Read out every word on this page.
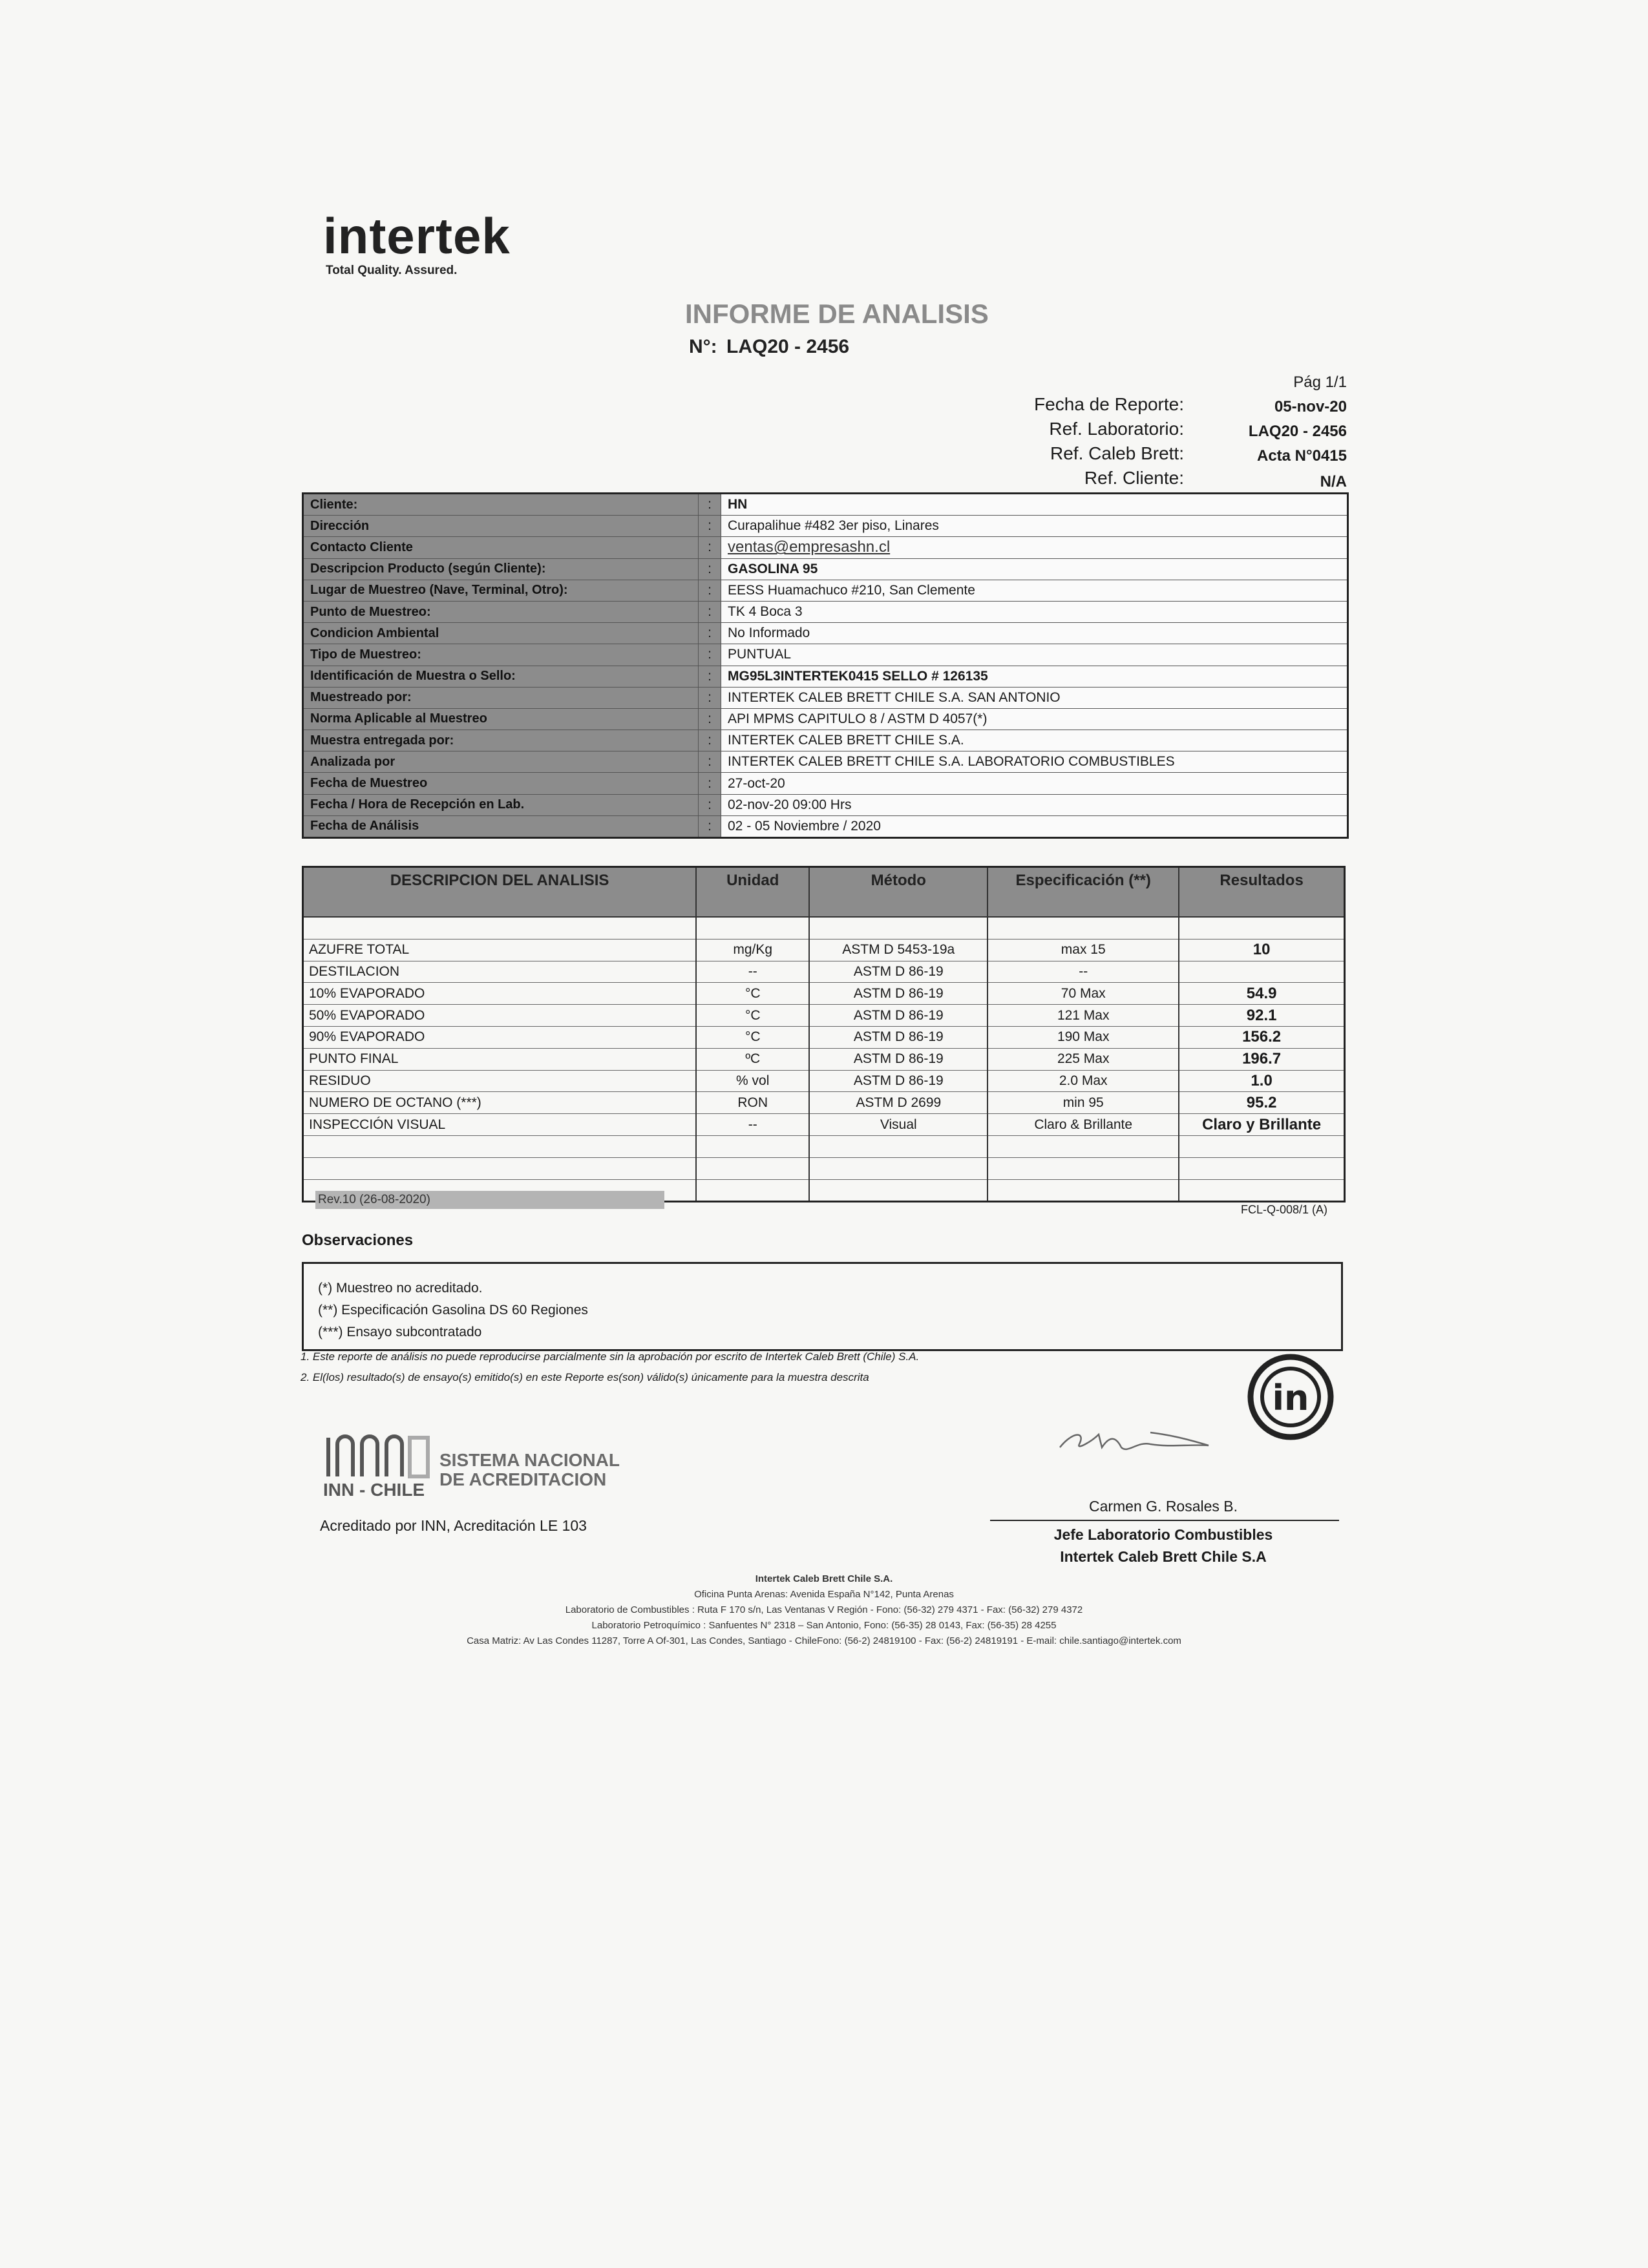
intertek
Total Quality. Assured.
INFORME DE ANALISIS
N°: LAQ20 - 2456
Pág 1/1
Fecha de Reporte:	05-nov-20
Ref. Laboratorio:	LAQ20 - 2456
Ref. Caleb Brett:	Acta N°0415
Ref. Cliente:	N/A
Cliente:	:	HN
Dirección	:	Curapalihue #482 3er piso, Linares
Contacto Cliente	:	ventas@empresashn.cl
Descripcion Producto (según Cliente):	:	GASOLINA 95
Lugar de Muestreo (Nave, Terminal, Otro):	:	EESS Huamachuco #210, San Clemente
Punto de Muestreo:	:	TK 4 Boca 3
Condicion Ambiental	:	No Informado
Tipo de Muestreo:	:	PUNTUAL
Identificación de Muestra o Sello:	:	MG95L3INTERTEK0415 SELLO # 126135
Muestreado por:	:	INTERTEK CALEB BRETT CHILE S.A. SAN ANTONIO
Norma Aplicable al Muestreo	:	API MPMS CAPITULO 8 / ASTM D 4057(*)
Muestra entregada por:	:	INTERTEK CALEB BRETT CHILE S.A.
Analizada por	:	INTERTEK CALEB BRETT CHILE S.A. LABORATORIO COMBUSTIBLES
Fecha de Muestreo	:	27-oct-20
Fecha / Hora de Recepción en Lab.	:	02-nov-20 09:00 Hrs
Fecha de Análisis	:	02 - 05 Noviembre / 2020
DESCRIPCION DEL ANALISIS	Unidad	Método	Especificación (**)	Resultados

AZUFRE TOTAL	mg/Kg	ASTM D 5453-19a	max 15	10
DESTILACION	--	ASTM D 86-19	--	
10% EVAPORADO	°C	ASTM D 86-19	70 Max	54.9
50% EVAPORADO	°C	ASTM D 86-19	121 Max	92.1
90% EVAPORADO	°C	ASTM D 86-19	190 Max	156.2
PUNTO FINAL	ºC	ASTM D 86-19	225 Max	196.7
RESIDUO	% vol	ASTM D 86-19	2.0 Max	1.0
NUMERO DE OCTANO (***)	RON	ASTM D 2699	min 95	95.2
INSPECCIÓN VISUAL	--	Visual	Claro & Brillante	Claro y Brillante

Rev.10 (26-08-2020)
FCL-Q-008/1 (A)
Observaciones
(*) Muestreo no acreditado.
(**) Especificación Gasolina DS 60 Regiones
(***) Ensayo subcontratado
1. Este reporte de análisis no puede reproducirse parcialmente sin la aprobación por escrito de Intertek Caleb Brett (Chile) S.A.
2. El(los) resultado(s) de ensayo(s) emitido(s) en este Reporte es(son) válido(s) únicamente para la muestra descrita
in
SISTEMA NACIONAL
DE ACREDITACION
INN - CHILE
Acreditado por INN, Acreditación LE 103
Carmen G. Rosales B.
Jefe Laboratorio Combustibles
Intertek Caleb Brett Chile S.A
Intertek Caleb Brett Chile S.A.
Oficina Punta Arenas: Avenida España N°142, Punta Arenas
Laboratorio de Combustibles : Ruta F 170 s/n, Las Ventanas V Región - Fono: (56-32) 279 4371 - Fax: (56-32) 279 4372
Laboratorio Petroquímico : Sanfuentes N° 2318 – San Antonio, Fono: (56-35) 28 0143, Fax: (56-35) 28 4255
Casa Matriz: Av Las Condes 11287, Torre A Of-301, Las Condes, Santiago - ChileFono: (56-2) 24819100 - Fax: (56-2) 24819191 - E-mail: chile.santiago@intertek.com
